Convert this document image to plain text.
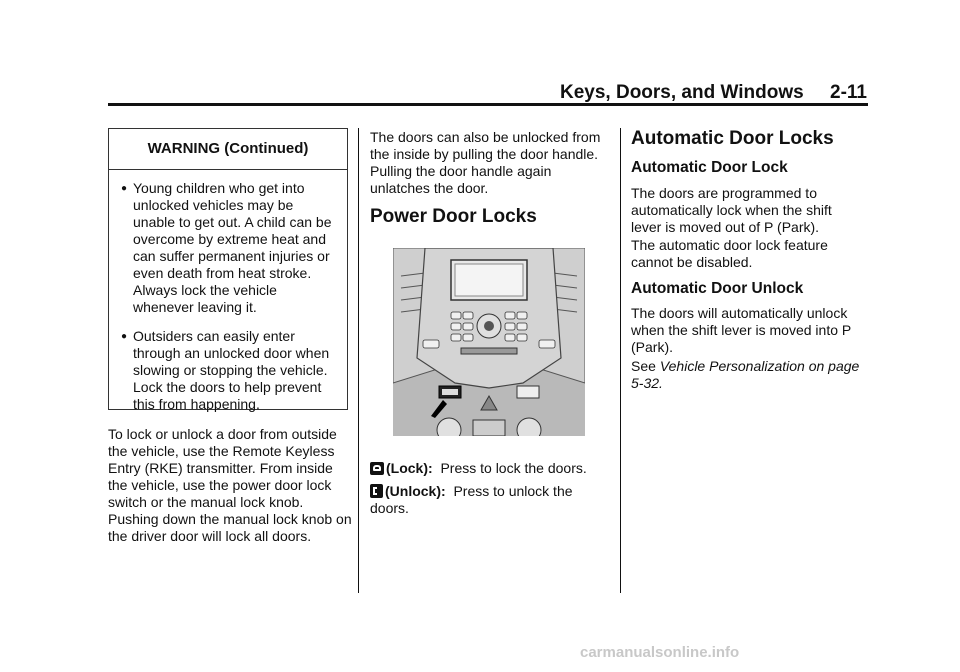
Keys, Doors, and Windows 2-11
WARNING (Continued)
● Young children who get into unlocked vehicles may be unable to get out. A child can be overcome by extreme heat and can suffer permanent injuries or even death from heat stroke. Always lock the vehicle whenever leaving it.
● Outsiders can easily enter through an unlocked door when slowing or stopping the vehicle. Lock the doors to help prevent this from happening.
To lock or unlock a door from outside the vehicle, use the Remote Keyless Entry (RKE) transmitter. From inside the vehicle, use the power door lock switch or the manual lock knob. Pushing down the manual lock knob on the driver door will lock all doors.
The doors can also be unlocked from the inside by pulling the door handle. Pulling the door handle again unlatches the door.
Power Door Locks
(Lock): Press to lock the doors.
(Unlock): Press to unlock the doors.
Automatic Door Locks
Automatic Door Lock
The doors are programmed to automatically lock when the shift lever is moved out of P (Park).
The automatic door lock feature cannot be disabled.
Automatic Door Unlock
The doors will automatically unlock when the shift lever is moved into P (Park).
See Vehicle Personalization on page 5-32.
carmanualsonline.info
